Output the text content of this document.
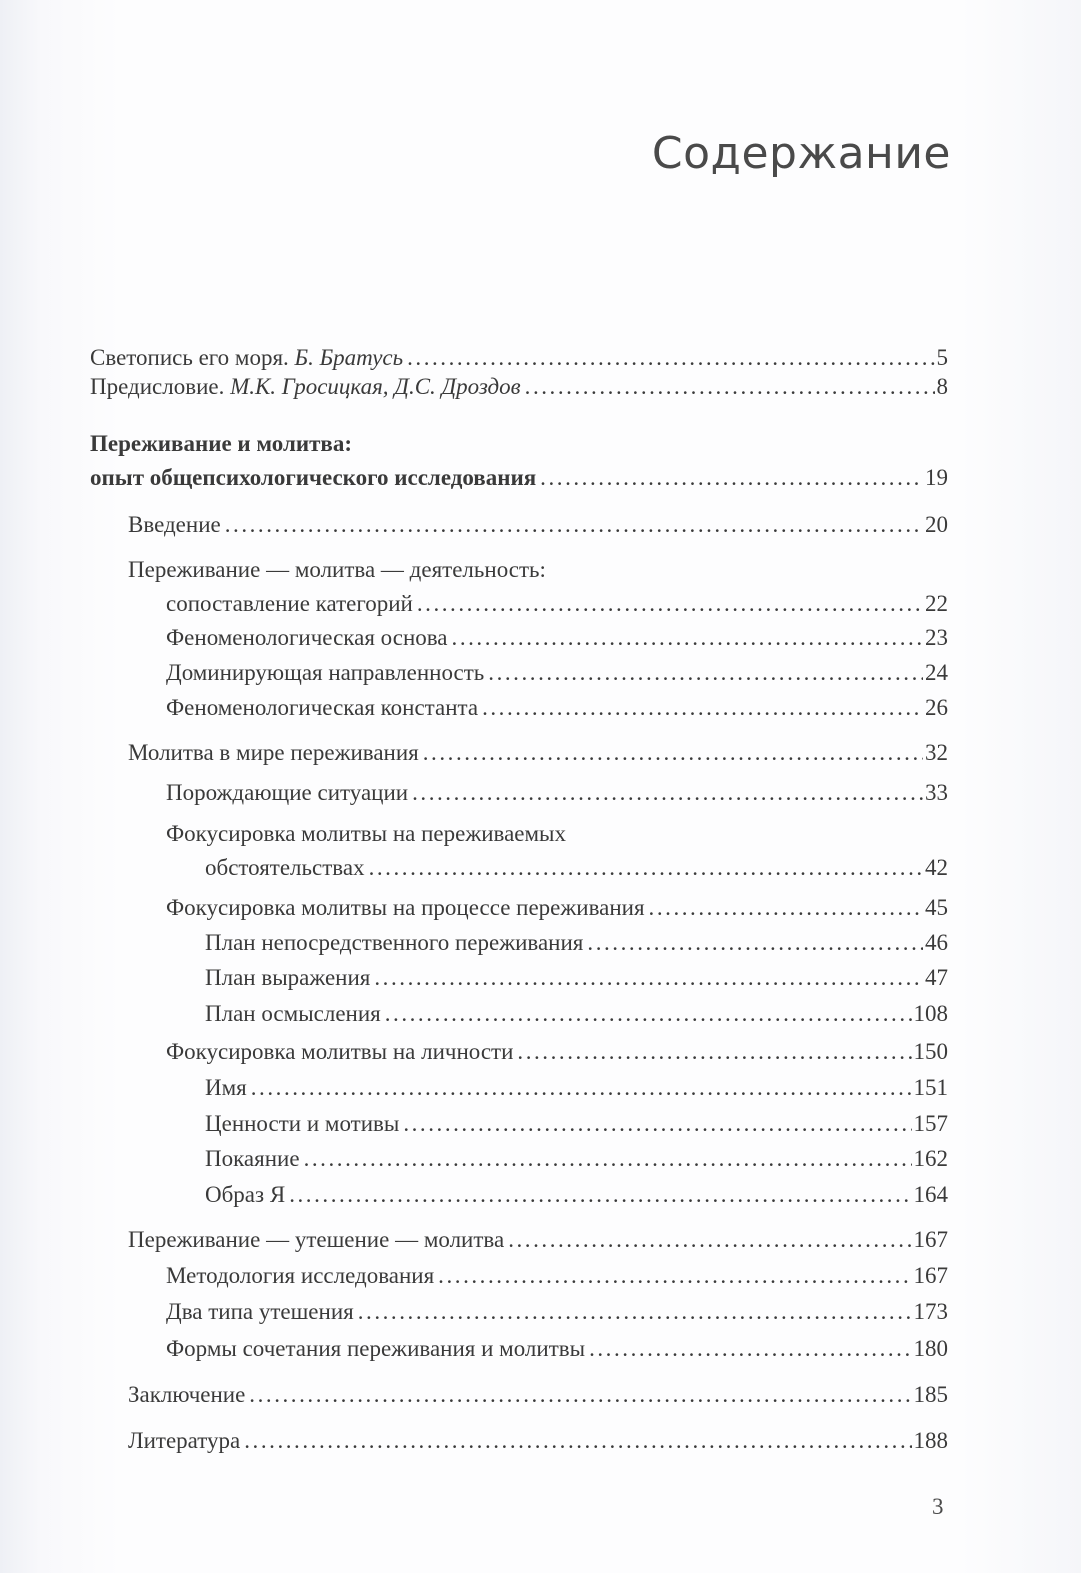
Содержание
Светопись его моря. Б. Братусь . . .	5
Предисловие. М.К. Гросицкая, Д.С. Дроздов . . .	8
Переживание и молитва:
опыт общепсихологического исследования . . .	19
Введение . . .	20
Переживание — молитва — деятельность:
сопоставление категорий . . .	22
Феноменологическая основа . . .	23
Доминирующая направленность . . .	24
Феноменологическая константа . . .	26
Молитва в мире переживания . . .	32
Порождающие ситуации . . .	33
Фокусировка молитвы на переживаемых
обстоятельствах . . .	42
Фокусировка молитвы на процессе переживания . . .	45
План непосредственного переживания . . .	46
План выражения . . .	47
План осмысления . . .	108
Фокусировка молитвы на личности . . .	150
Имя . . .	151
Ценности и мотивы . . .	157
Покаяние . . .	162
Образ Я . . .	164
Переживание — утешение — молитва . . .	167
Методология исследования . . .	167
Два типа утешения . . .	173
Формы сочетания переживания и молитвы . . .	180
Заключение . . .	185
Литература . . .	188
3
